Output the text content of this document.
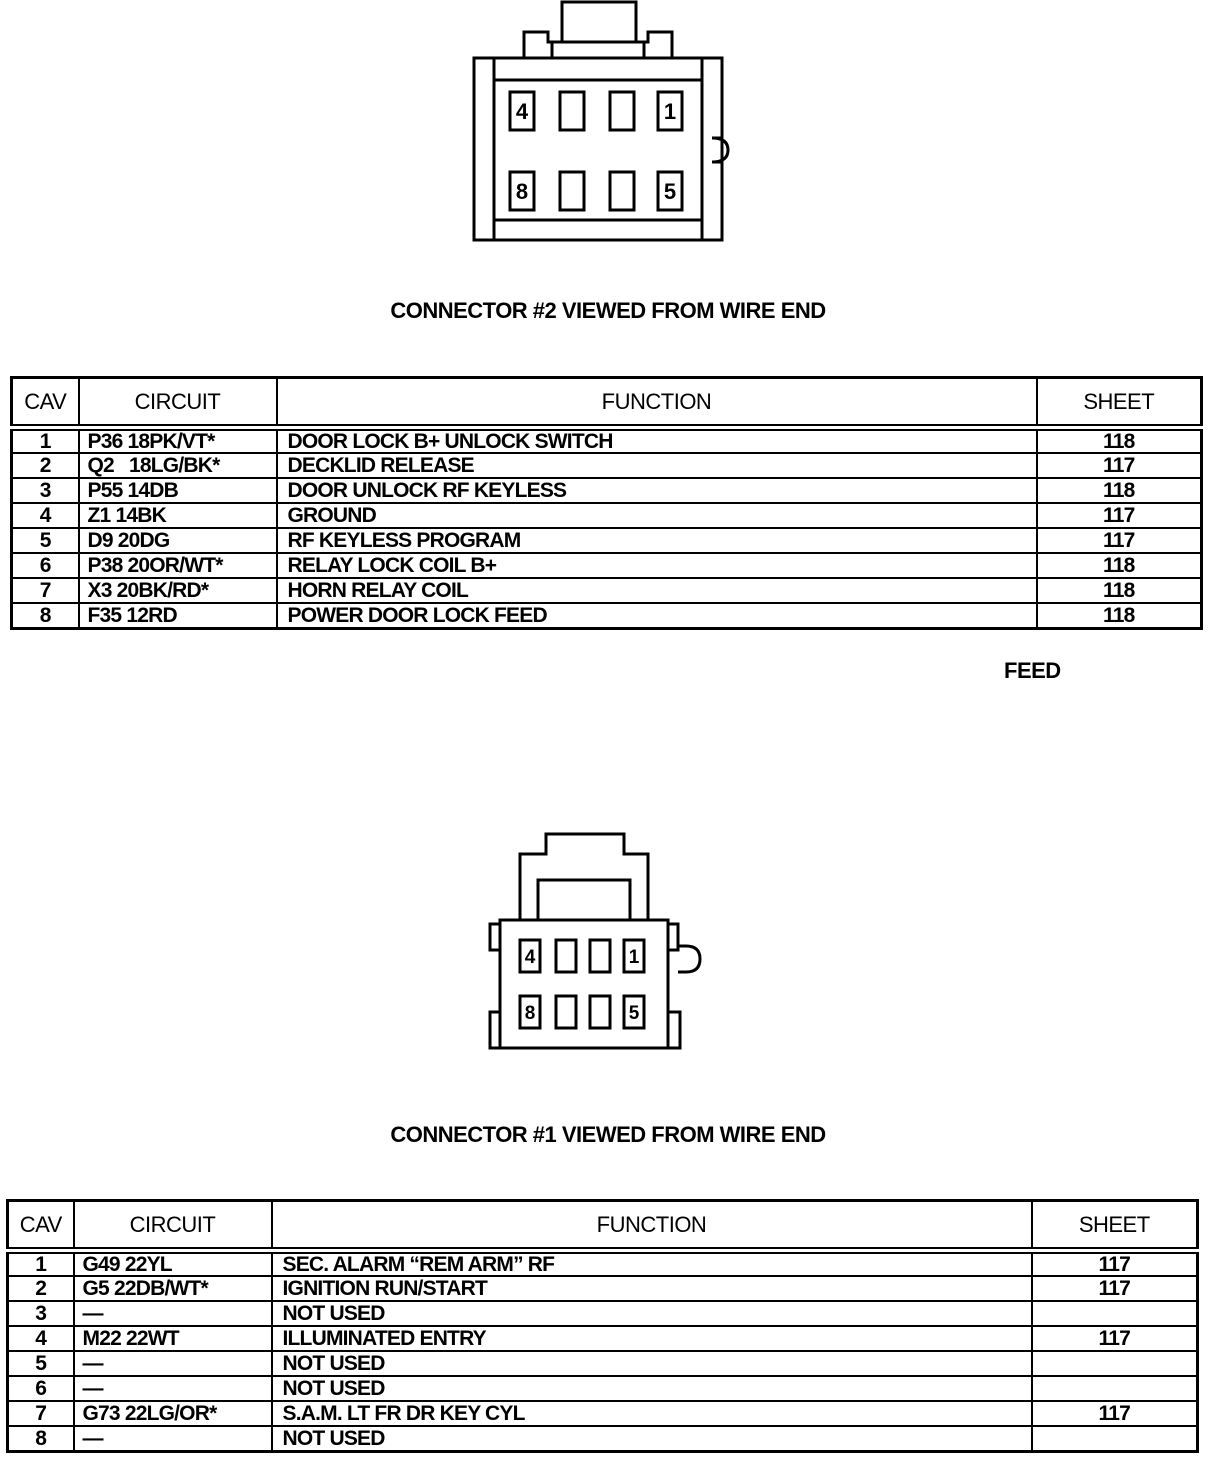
4	1
8	5
CONNECTOR #2 VIEWED FROM WIRE END
CAV	CIRCUIT	FUNCTION	SHEET
1	P36 18PK/VT*	DOOR LOCK B+ UNLOCK SWITCH	118
2	Q2   18LG/BK*	DECKLID RELEASE	117
3	P55 14DB	DOOR UNLOCK RF KEYLESS	118
4	Z1 14BK	GROUND	117
5	D9 20DG	RF KEYLESS PROGRAM	117
6	P38 20OR/WT*	RELAY LOCK COIL B+	118
7	X3 20BK/RD*	HORN RELAY COIL	118
8	F35 12RD	POWER DOOR LOCK FEED	118
FEED
4	1
8	5
CONNECTOR #1 VIEWED FROM WIRE END
CAV	CIRCUIT	FUNCTION	SHEET
1	G49 22YL	SEC. ALARM “REM ARM” RF	117
2	G5 22DB/WT*	IGNITION RUN/START	117
3	—	NOT USED	
4	M22 22WT	ILLUMINATED ENTRY	117
5	—	NOT USED	
6	—	NOT USED	
7	G73 22LG/OR*	S.A.M. LT FR DR KEY CYL	117
8	—	NOT USED	
